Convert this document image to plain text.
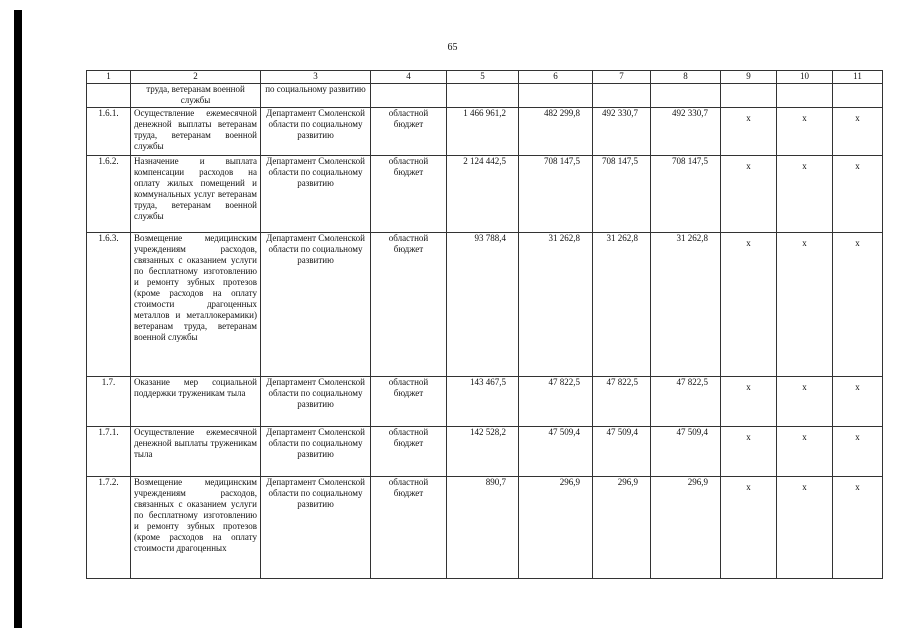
65
1	2	3	4	5	6	7	8	9	10	11
	труда, ветеранам военной службы	по социальному развитию								
1.6.1.	Осуществление ежемесячной денежной выплаты ветеранам труда, ветеранам военной службы	Департамент Смоленской области по социальному развитию	областной бюджет	1 466 961,2	482 299,8	492 330,7	492 330,7	х	х	х
1.6.2.	Назначение и выплата компенсации расходов на оплату жилых помещений и коммунальных услуг ветеранам труда, ветеранам военной службы	Департамент Смоленской области по социальному развитию	областной бюджет	2 124 442,5	708 147,5	708 147,5	708 147,5	х	х	х
1.6.3.	Возмещение медицинским учреждениям расходов, связанных с оказанием услуги по бесплатному изготовлению и ремонту зубных протезов (кроме расходов на оплату стоимости драгоценных металлов и металлокерамики) ветеранам труда, ветеранам военной службы	Департамент Смоленской области по социальному развитию	областной бюджет	93 788,4	31 262,8	31 262,8	31 262,8	х	х	х
1.7.	Оказание мер социальной поддержки труженикам тыла	Департамент Смоленской области по социальному развитию	областной бюджет	143 467,5	47 822,5	47 822,5	47 822,5	х	х	х
1.7.1.	Осуществление ежемесячной денежной выплаты труженикам тыла	Департамент Смоленской области по социальному развитию	областной бюджет	142 528,2	47 509,4	47 509,4	47 509,4	х	х	х
1.7.2.	Возмещение медицинским учреждениям расходов, связанных с оказанием услуги по бесплатному изготовлению и ремонту зубных протезов (кроме расходов на оплату стоимости драгоценных	Департамент Смоленской области по социальному развитию	областной бюджет	890,7	296,9	296,9	296,9	х	х	х
